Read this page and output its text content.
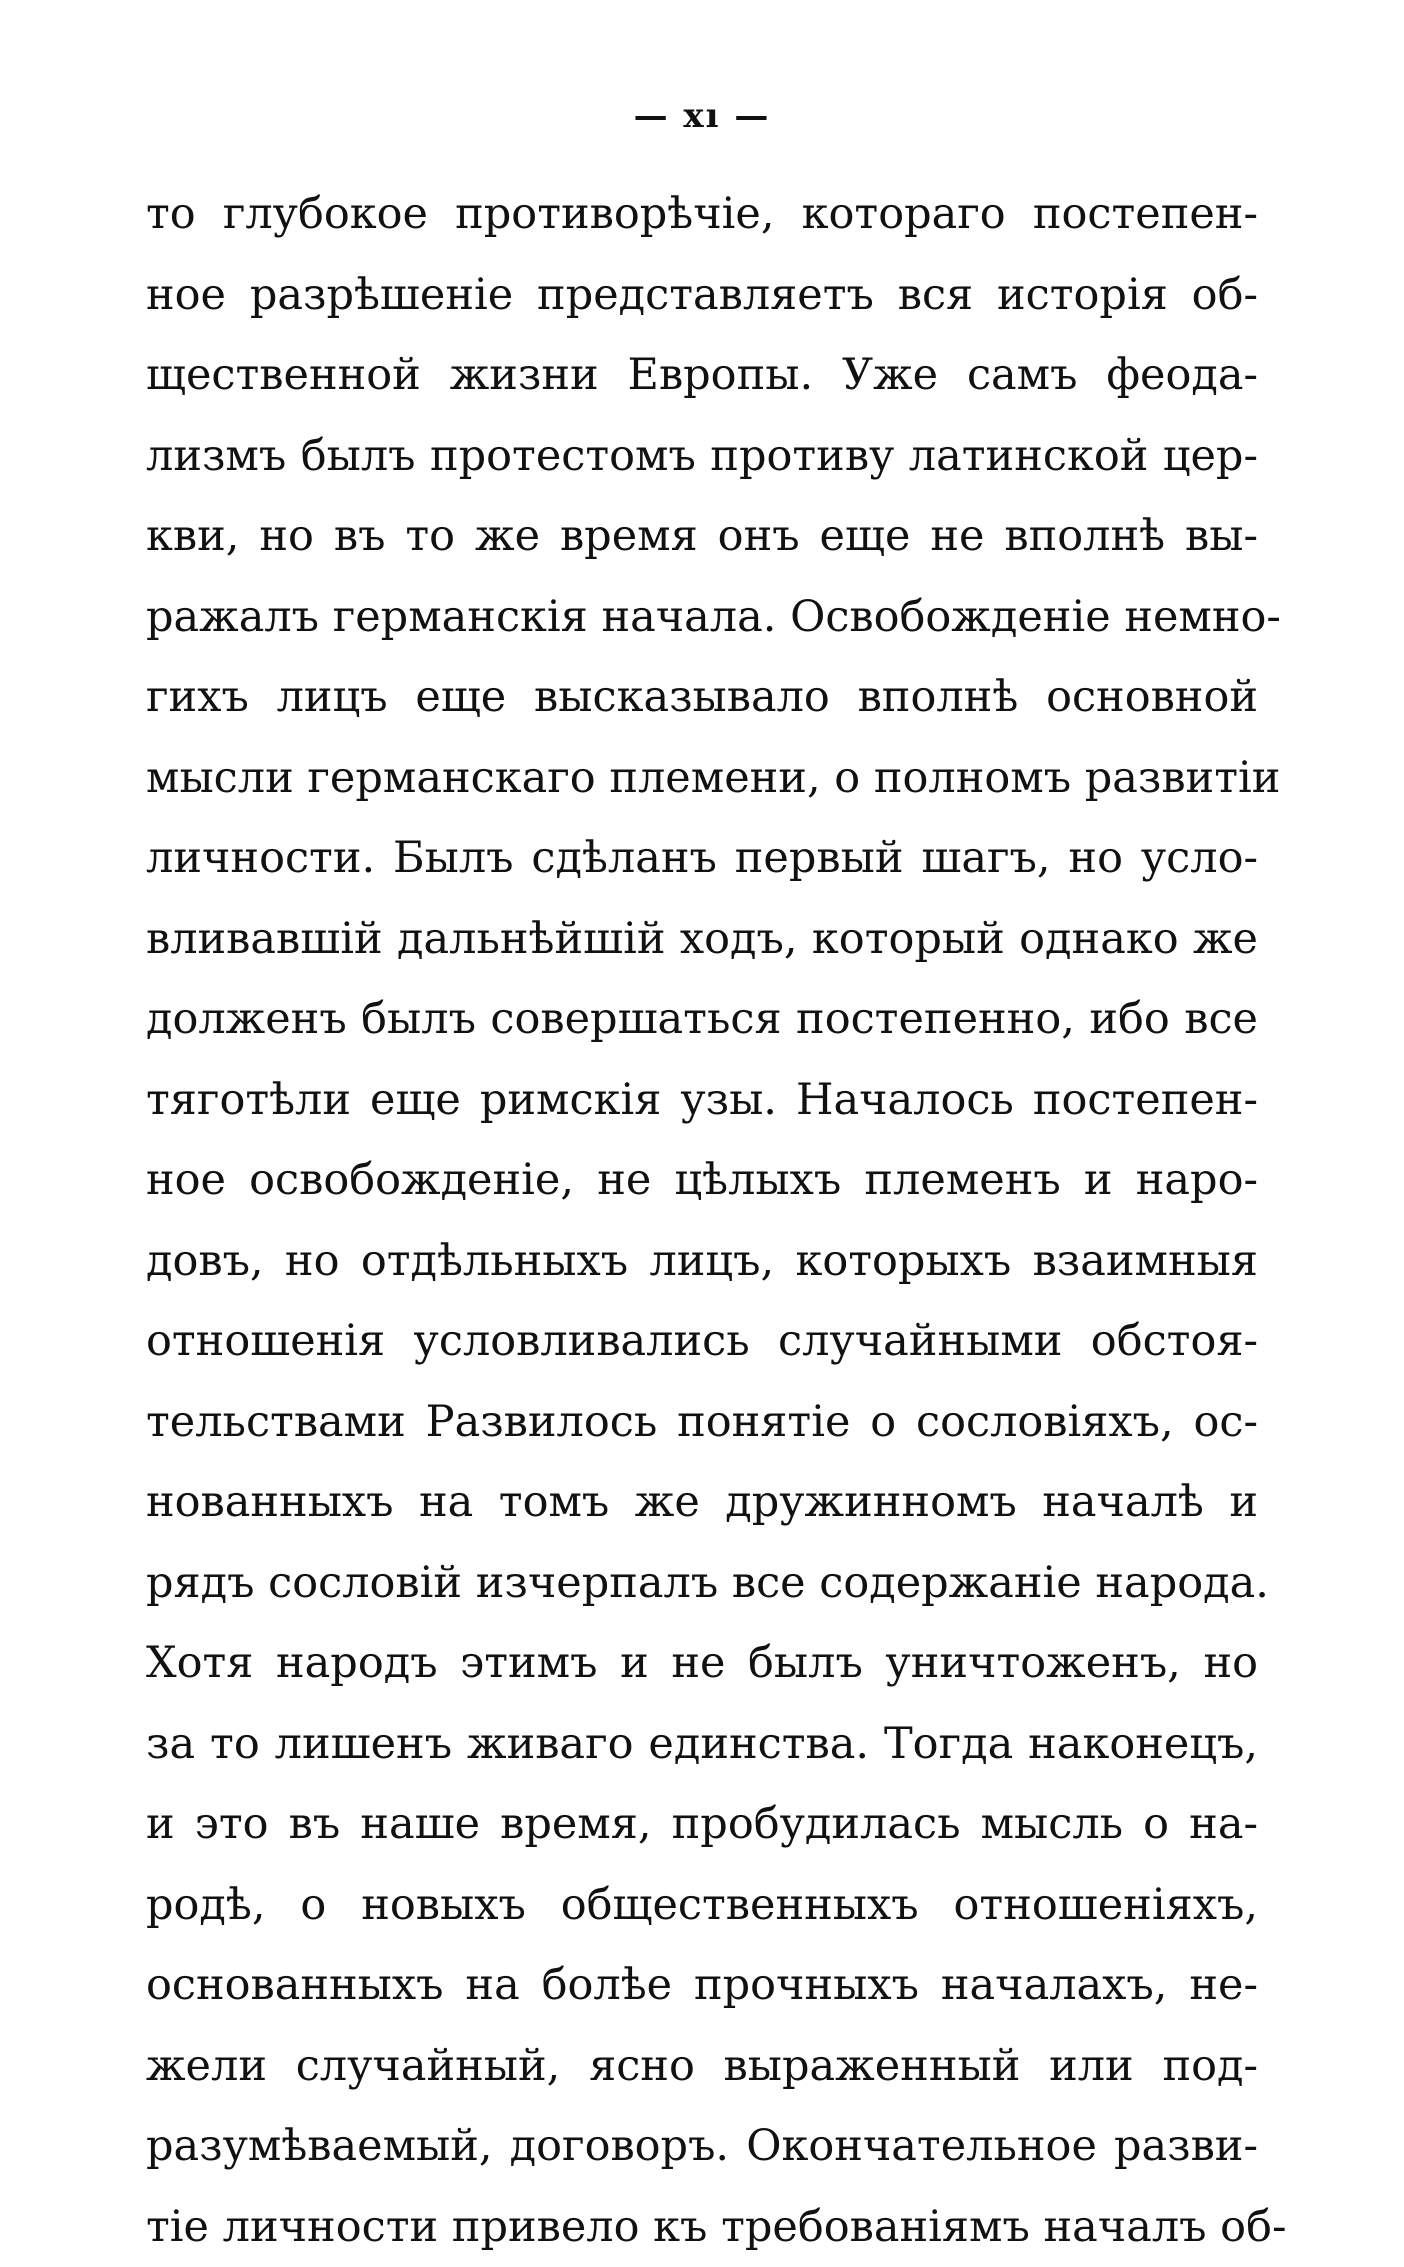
— xı —
то глубокое противорѣчіе, котораго постепен-
ное разрѣшеніе представляетъ вся исторія об-
щественной жизни Европы. Уже самъ феода-
лизмъ былъ протестомъ противу латинской цер-
кви, но въ то же время онъ еще не вполнѣ вы-
ражалъ германскія начала. Освобожденіе немно-
гихъ лицъ еще высказывало вполнѣ основной
мысли германскаго племени, о полномъ развитіи
личности. Былъ сдѣланъ первый шагъ, но усло-
вливавшій дальнѣйшій ходъ, который однако же
долженъ былъ совершаться постепенно, ибо все
тяготѣли еще римскія узы. Началось постепен-
ное освобожденіе, не цѣлыхъ племенъ и наро-
довъ, но отдѣльныхъ лицъ, которыхъ взаимныя
отношенія условливались случайными обстоя-
тельствами Развилось понятіе о сословіяхъ, ос-
нованныхъ на томъ же дружинномъ началѣ и
рядъ сословій изчерпалъ все содержаніе народа.
Хотя народъ этимъ и не былъ уничтоженъ, но
за то лишенъ живаго единства. Тогда наконецъ,
и это въ наше время, пробудилась мысль о на-
родѣ, о новыхъ общественныхъ отношеніяхъ,
основанныхъ на болѣе прочныхъ началахъ, не-
жели случайный, ясно выраженный или под-
разумѣваемый, договоръ. Окончательное разви-
тіе личности привело къ требованіямъ началъ об-
